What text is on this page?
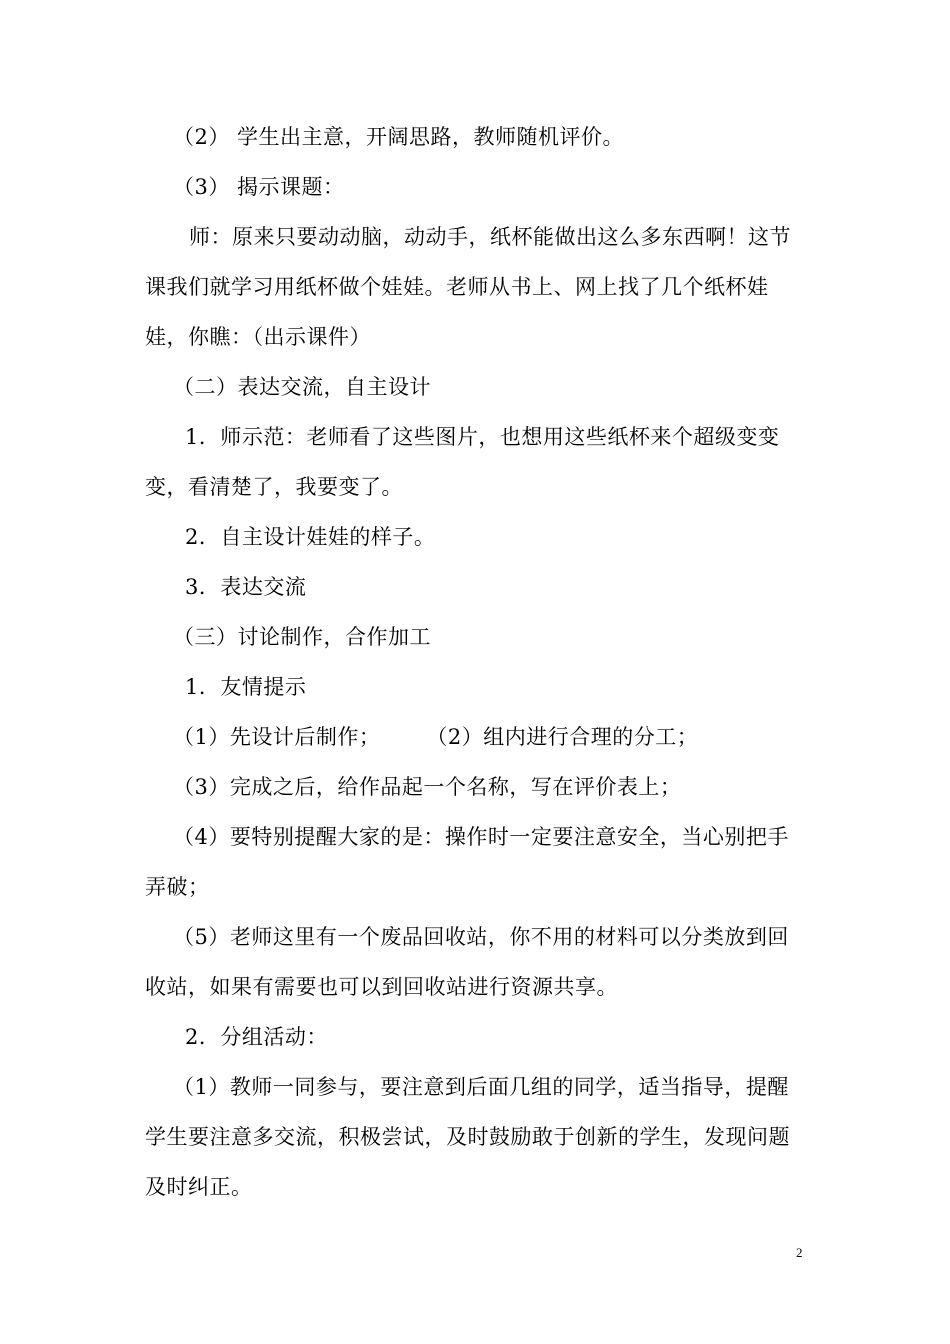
（2） 学生出主意，开阔思路，教师随机评价。

（3） 揭示课题：

师：原来只要动动脑，动动手，纸杯能做出这么多东西啊！这节课我们就学习用纸杯做个娃娃。老师从书上、网上找了几个纸杯娃娃，你瞧：（出示课件）

（二）表达交流，自主设计

1．师示范：老师看了这些图片，也想用这些纸杯来个超级变变变，看清楚了，我要变了。

2．自主设计娃娃的样子。

3．表达交流

（三）讨论制作，合作加工

1．友情提示

（1）先设计后制作； （2）组内进行合理的分工；

（3）完成之后，给作品起一个名称，写在评价表上；

（4）要特别提醒大家的是：操作时一定要注意安全，当心别把手弄破；

（5）老师这里有一个废品回收站，你不用的材料可以分类放到回收站，如果有需要也可以到回收站进行资源共享。

2．分组活动：

（1）教师一同参与，要注意到后面几组的同学，适当指导，提醒学生要注意多交流，积极尝试，及时鼓励敢于创新的学生，发现问题及时纠正。

2
